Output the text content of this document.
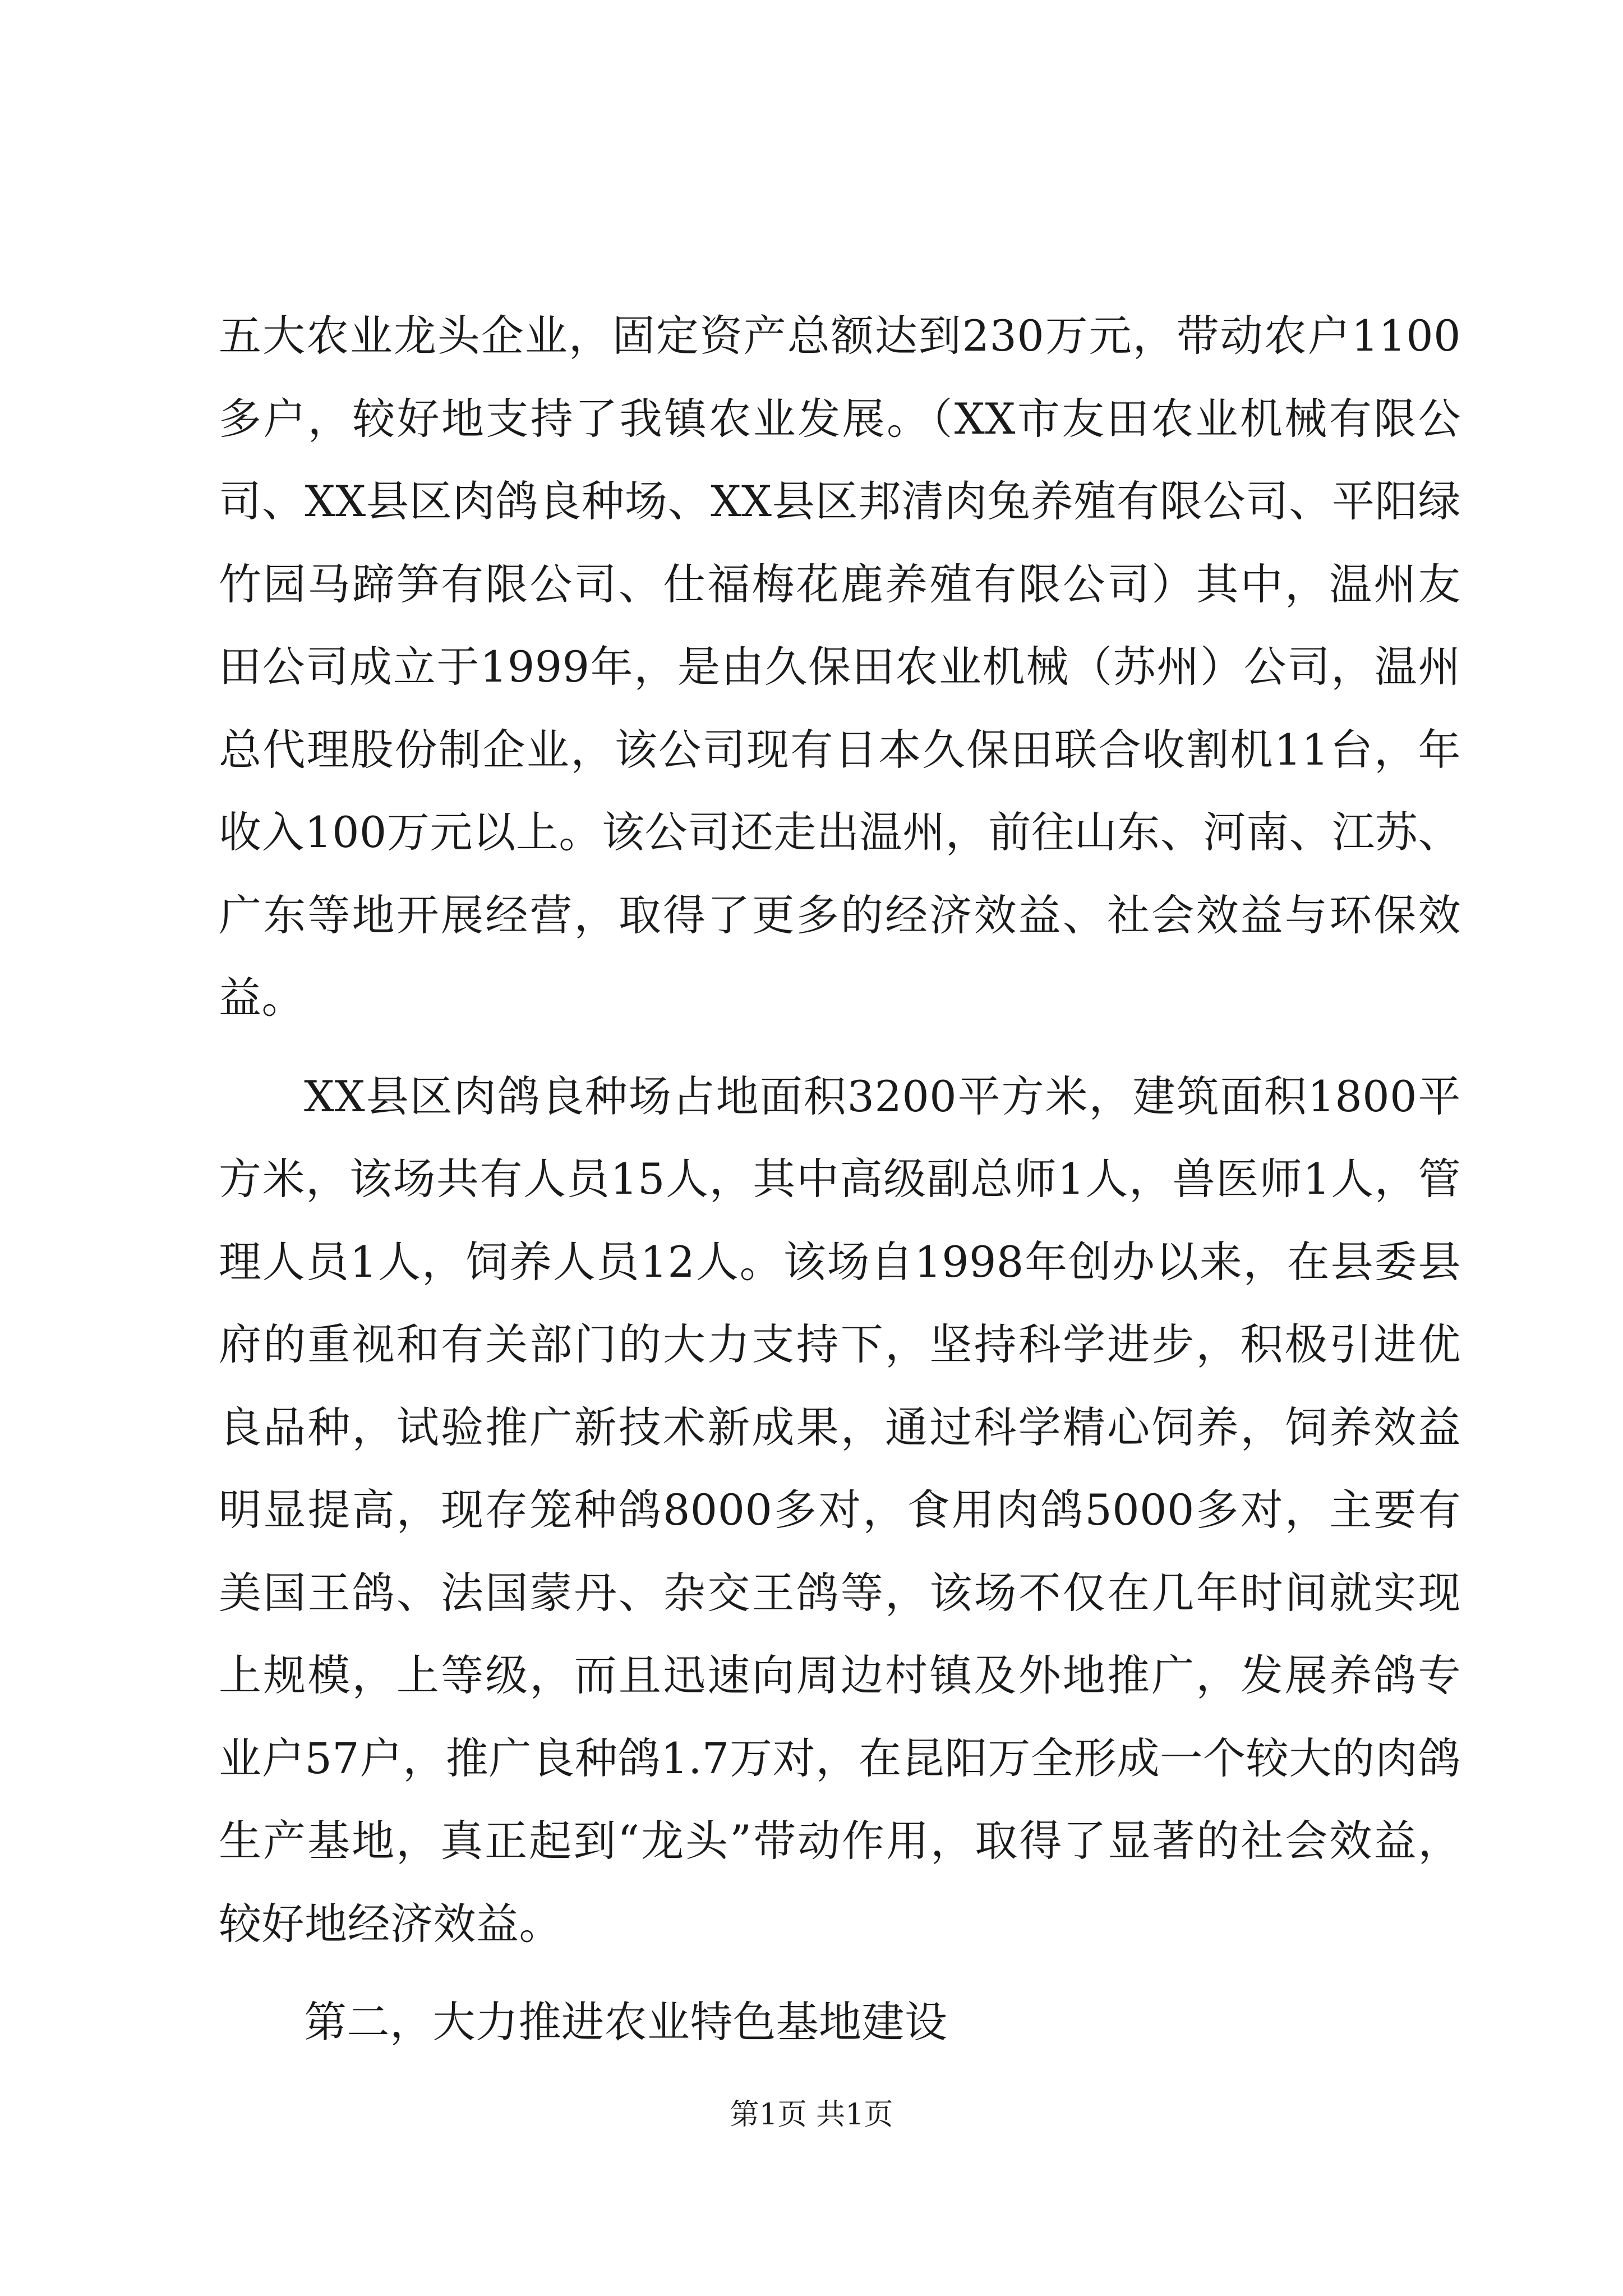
五大农业龙头企业，固定资产总额达到230万元，带动农户1100多户，较好地支持了我镇农业发展。（XX市友田农业机械有限公司、XX县区肉鸽良种场、XX县区邦清肉兔养殖有限公司、平阳绿竹园马蹄笋有限公司、仕福梅花鹿养殖有限公司）其中，温州友田公司成立于1999年，是由久保田农业机械（苏州）公司，温州总代理股份制企业，该公司现有日本久保田联合收割机11台，年收入100万元以上。该公司还走出温州，前往山东、河南、江苏、广东等地开展经营，取得了更多的经济效益、社会效益与环保效益。

XX县区肉鸽良种场占地面积3200平方米，建筑面积1800平方米，该场共有人员15人，其中高级副总师1人，兽医师1人，管理人员1人，饲养人员12人。该场自1998年创办以来，在县委县府的重视和有关部门的大力支持下，坚持科学进步，积极引进优良品种，试验推广新技术新成果，通过科学精心饲养，饲养效益明显提高，现存笼种鸽8000多对，食用肉鸽5000多对，主要有美国王鸽、法国蒙丹、杂交王鸽等，该场不仅在几年时间就实现上规模，上等级，而且迅速向周边村镇及外地推广，发展养鸽专业户57户，推广良种鸽1.7万对，在昆阳万全形成一个较大的肉鸽生产基地，真正起到“龙头”带动作用，取得了显著的社会效益，较好地经济效益。

第二，大力推进农业特色基地建设

第1页 共1页
